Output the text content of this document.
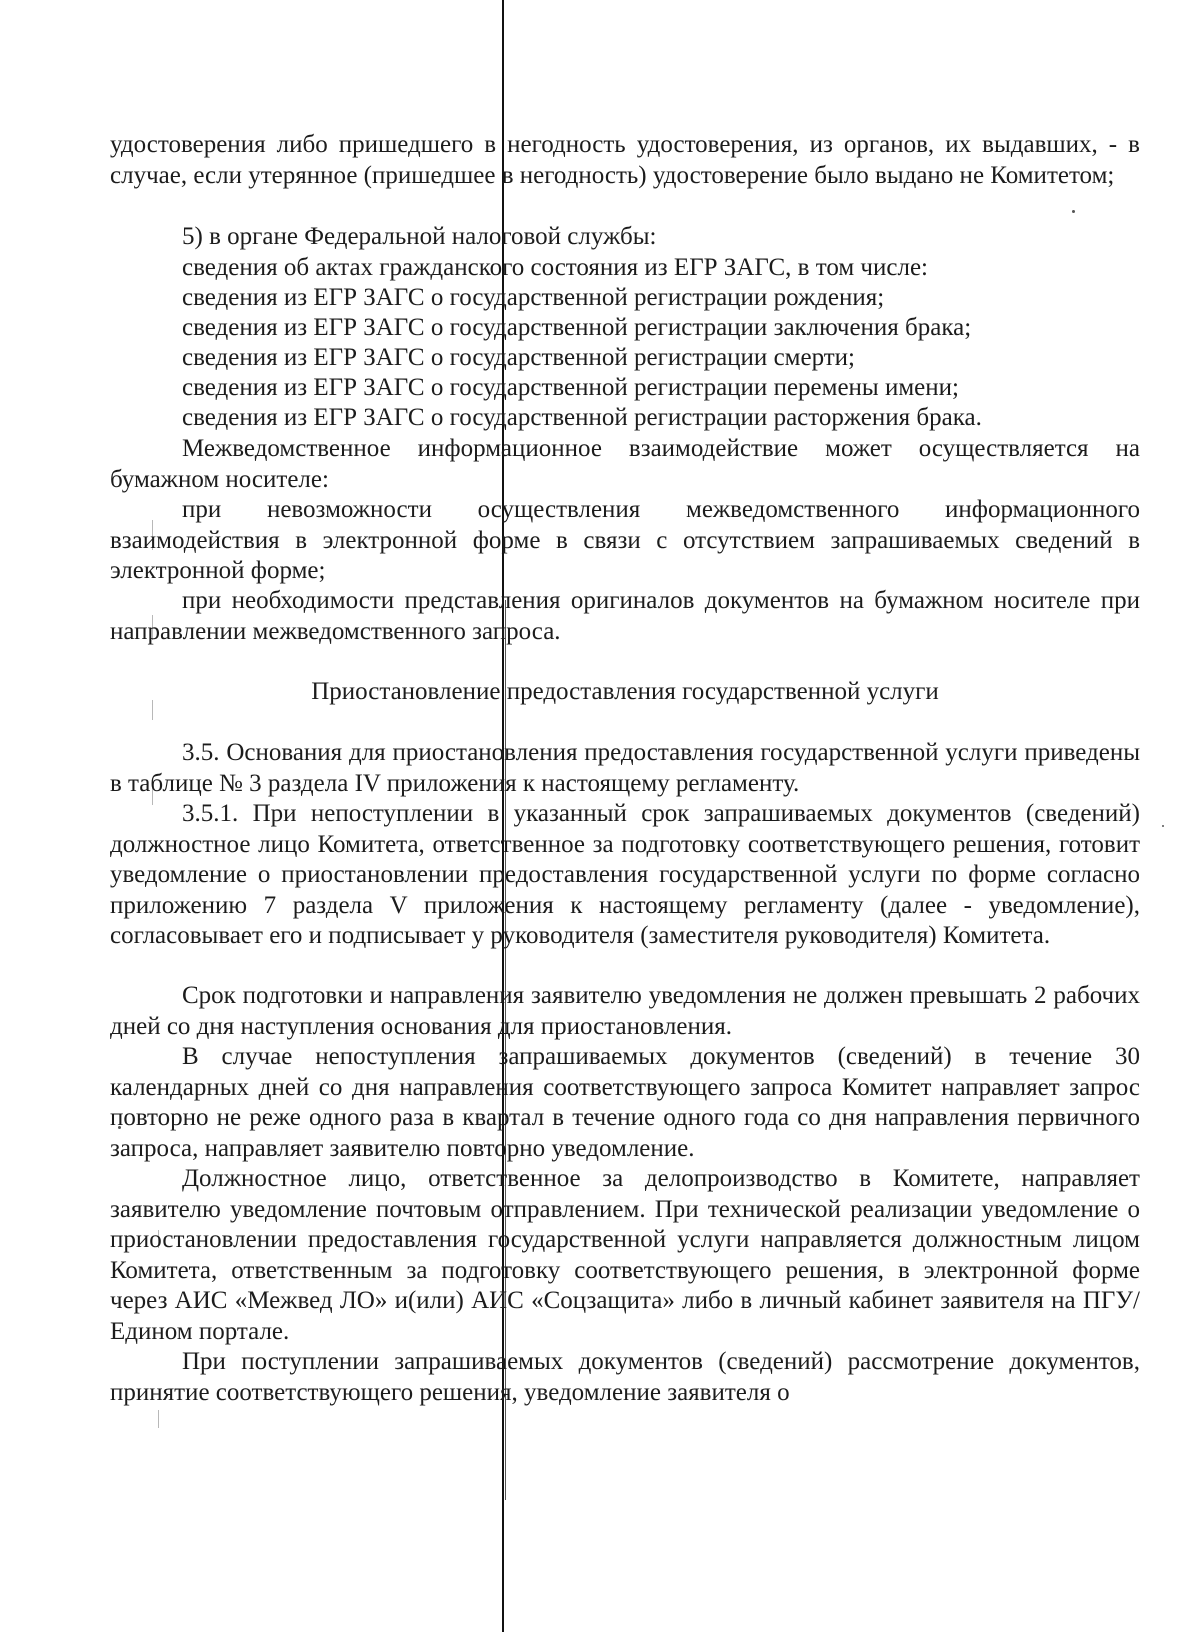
удостоверения либо пришедшего в негодность удостоверения, из органов, их выдавших, - в случае, если утерянное (пришедшее в негодность) удостоверение было выдано не Комитетом;

5) в органе Федеральной налоговой службы:

сведения об актах гражданского состояния из ЕГР ЗАГС, в том числе:

сведения из ЕГР ЗАГС о государственной регистрации рождения;

сведения из ЕГР ЗАГС о государственной регистрации заключения брака;

сведения из ЕГР ЗАГС о государственной регистрации смерти;

сведения из ЕГР ЗАГС о государственной регистрации перемены имени;

сведения из ЕГР ЗАГС о государственной регистрации расторжения брака.

Межведомственное информационное взаимодействие может осуществляется на бумажном носителе:

при невозможности осуществления межведомственного информационного взаимодействия в электронной форме в связи с отсутствием запрашиваемых сведений в электронной форме;

при необходимости представления оригиналов документов на бумажном носителе при направлении межведомственного запроса.

Приостановление предоставления государственной услуги

3.5. Основания для приостановления предоставления государственной услуги приведены в таблице № 3 раздела IV приложения к настоящему регламенту.

3.5.1. При непоступлении в указанный срок запрашиваемых документов (сведений) должностное лицо Комитета, ответственное за подготовку соответствующего решения, готовит уведомление о приостановлении предоставления государственной услуги по форме согласно приложению 7 раздела V приложения к настоящему регламенту (далее - уведомление), согласовывает его и подписывает у руководителя (заместителя руководителя) Комитета.

Срок подготовки и направления заявителю уведомления не должен превышать 2 рабочих дней со дня наступления основания для приостановления.

В случае непоступления запрашиваемых документов (сведений) в течение 30 календарных дней со дня направления соответствующего запроса Комитет направляет запрос повторно не реже одного раза в квартал в течение одного года со дня направления первичного запроса, направляет заявителю повторно уведомление.

Должностное лицо, ответственное за делопроизводство в Комитете, направляет заявителю уведомление почтовым отправлением. При технической реализации уведомление о приостановлении предоставления государственной услуги направляется должностным лицом Комитета, ответственным за подготовку соответствующего решения, в электронной форме через АИС «Межвед ЛО» и(или) АИС «Соцзащита» либо в личный кабинет заявителя на ПГУ/Едином портале.

При поступлении запрашиваемых документов (сведений) рассмотрение документов, принятие соответствующего решения, уведомление заявителя о
